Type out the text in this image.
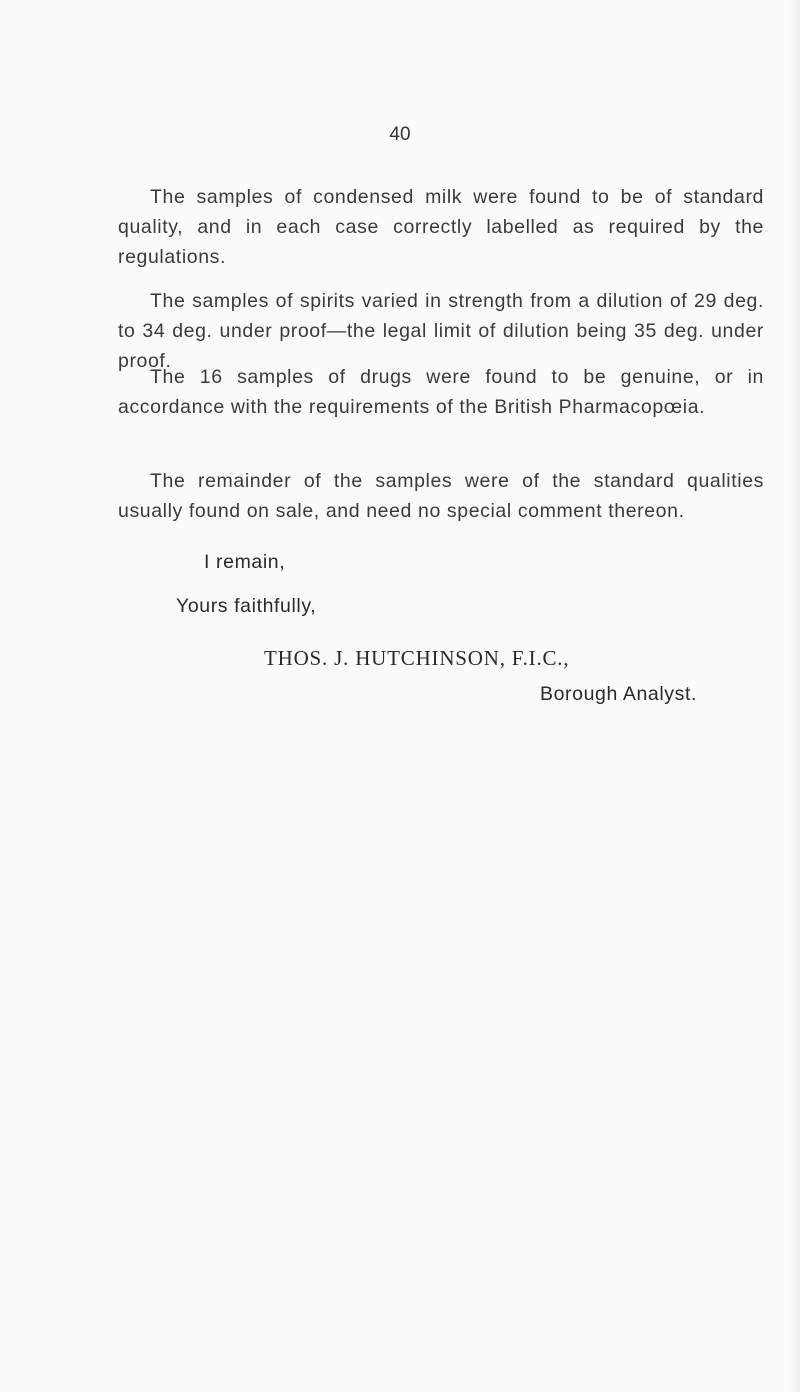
40

The samples of condensed milk were found to be of standard quality, and in each case correctly labelled as required by the regulations.

The samples of spirits varied in strength from a dilution of 29 deg. to 34 deg. under proof—the legal limit of dilution being 35 deg. under proof.

The 16 samples of drugs were found to be genuine, or in accordance with the requirements of the British Pharmacopœia.

The remainder of the samples were of the standard qualities usually found on sale, and need no special comment thereon.

I remain,
Yours faithfully,
THOS. J. HUTCHINSON, F.I.C.,
Borough Analyst.
